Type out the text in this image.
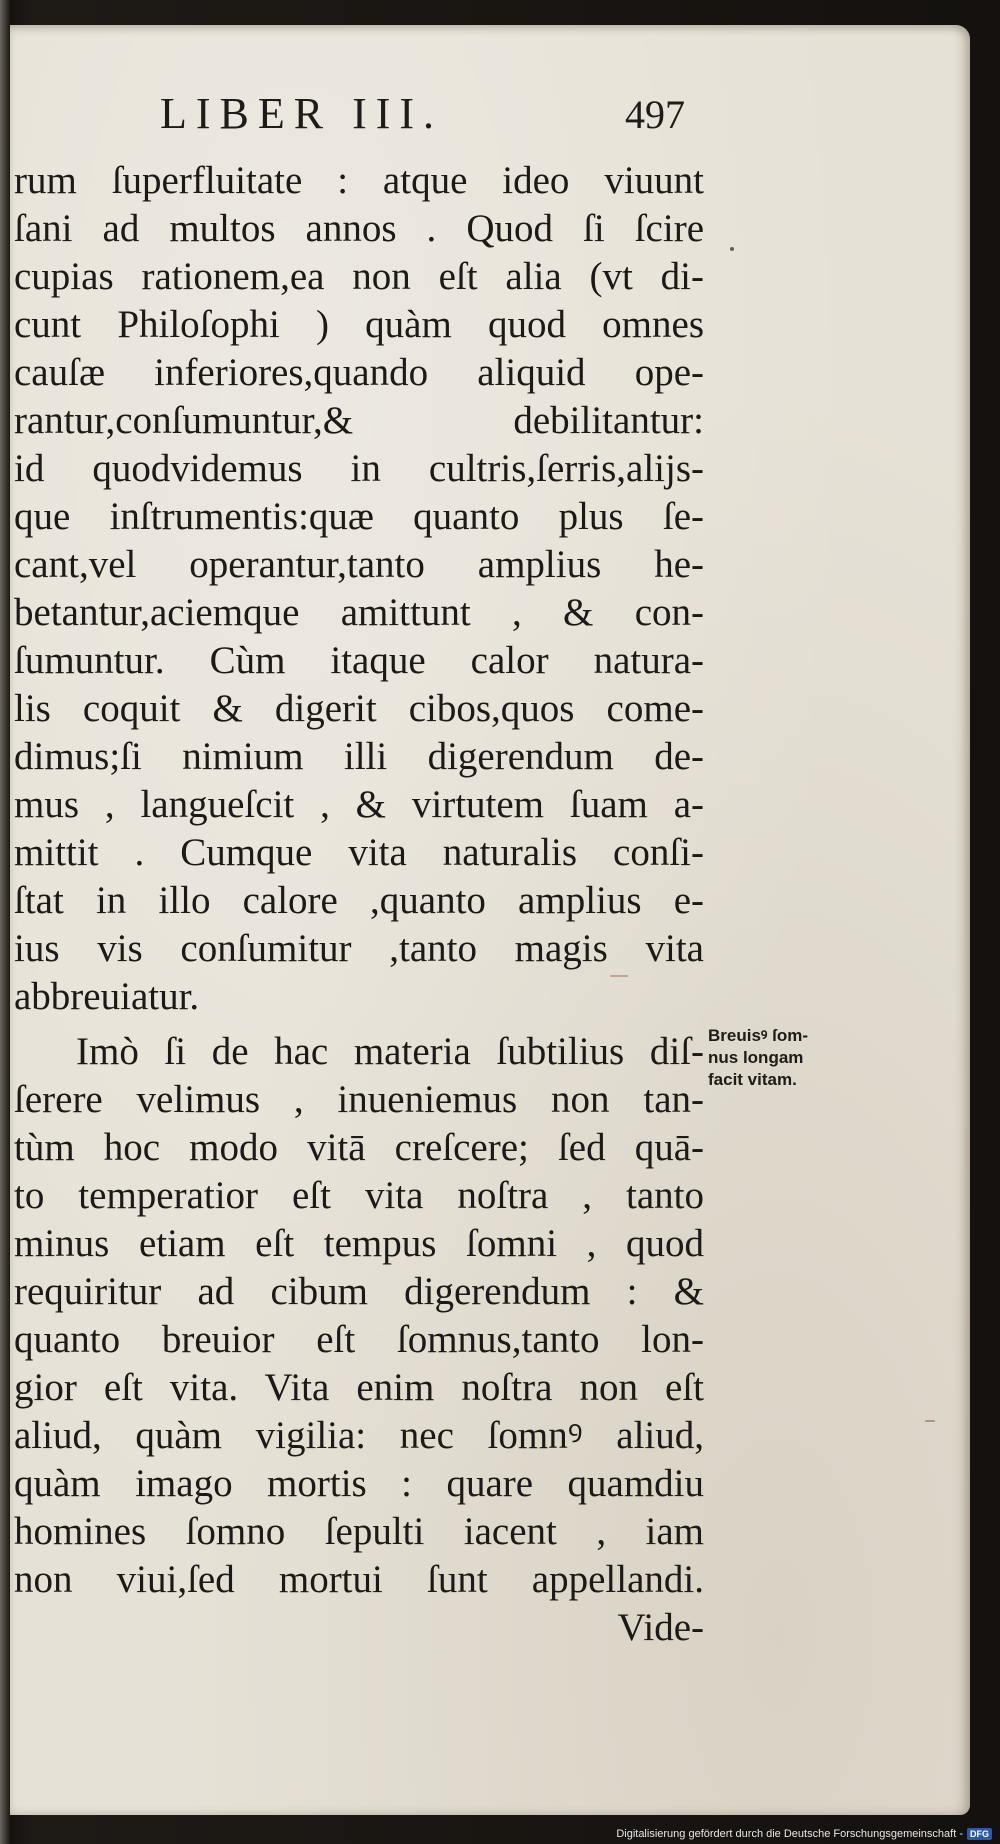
LIBER III.	497
rum ſuperfluitate : atque ideo viuunt
ſani ad multos annos . Quod ſi ſcire
cupias rationem,ea non eſt alia (vt di-
cunt Philoſophi ) quàm quod omnes
cauſæ inferiores,quando aliquid ope-
rantur,conſumuntur,& debilitantur:
id quodvidemus in cultris,ſerris,alijs-
que inſtrumentis:quæ quanto plus ſe-
cant,vel operantur,tanto amplius he-
betantur,aciemque amittunt , & con-
ſumuntur. Cùm itaque calor natura-
lis coquit & digerit cibos,quos come-
dimus;ſi nimium illi digerendum de-
mus , langueſcit , & virtutem ſuam a-
mittit . Cumque vita naturalis conſi-
ſtat in illo calore ,quanto amplius e-
ius vis conſumitur ,tanto magis vita
abbreuiatur.
Imò ſi de hac materia ſubtilius diſ-
ſerere velimus , inueniemus non tan-
tùm hoc modo vitā creſcere; ſed quā-
to temperatior eſt vita noſtra , tanto
minus etiam eſt tempus ſomni , quod
requiritur ad cibum digerendum : &
quanto breuior eſt ſomnus,tanto lon-
gior eſt vita. Vita enim noſtra non eſt
aliud, quàm vigilia: nec ſomnꝰ aliud,
quàm imago mortis : quare quamdiu
homines ſomno ſepulti iacent , iam
non viui,ſed mortui ſunt appellandi.
Vide-
Breuisꝰ ſom-
nus longam
facit vitam.
Digitalisierung gefördert durch die Deutsche Forschungsgemeinschaft - DFG
